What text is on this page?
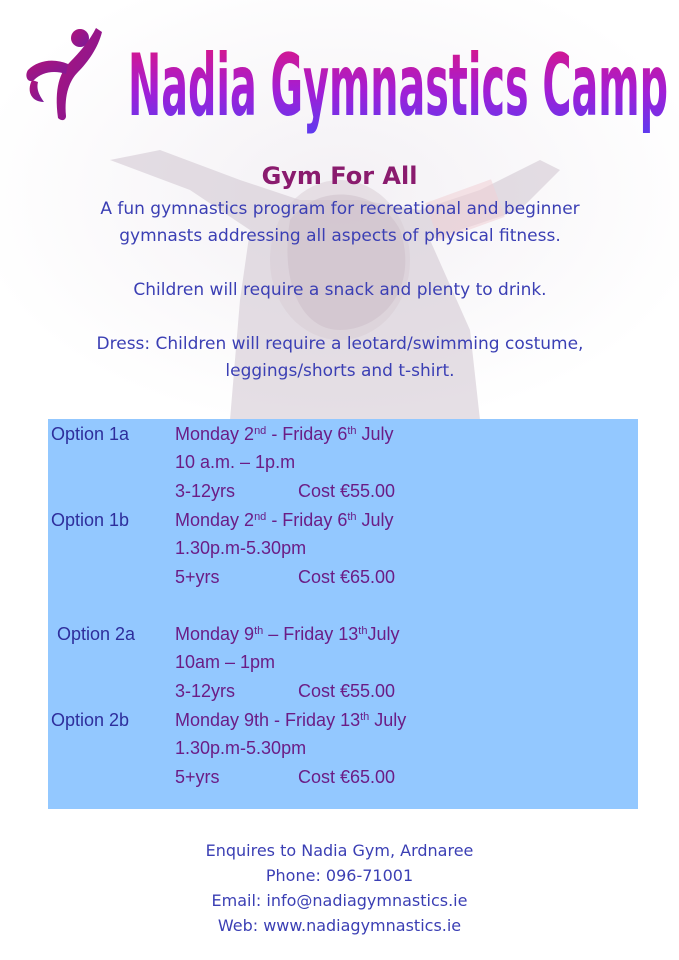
Nadia Gymnastics Camp
Gym For All

A fun gymnastics program for recreational and beginner
gymnasts addressing all aspects of physical fitness.

Children will require a snack and plenty to drink.

Dress: Children will require a leotard/swimming costume,
leggings/shorts and t-shirt.

Option 1a	Monday 2nd - Friday 6th July
10 a.m. – 1p.m
3-12yrs	Cost €55.00
Option 1b	Monday 2nd - Friday 6th July
1.30p.m-5.30pm
5+yrs	Cost €65.00
Option 2a Monday 9th – Friday 13thJuly
10am – 1pm
3-12yrs	Cost €55.00
Option 2b	Monday 9th - Friday 13th July
1.30p.m-5.30pm
5+yrs	Cost €65.00
Enquires to Nadia Gym, Ardnaree
Phone: 096-71001
Email: info@nadiagymnastics.ie
Web: www.nadiagymnastics.ie
